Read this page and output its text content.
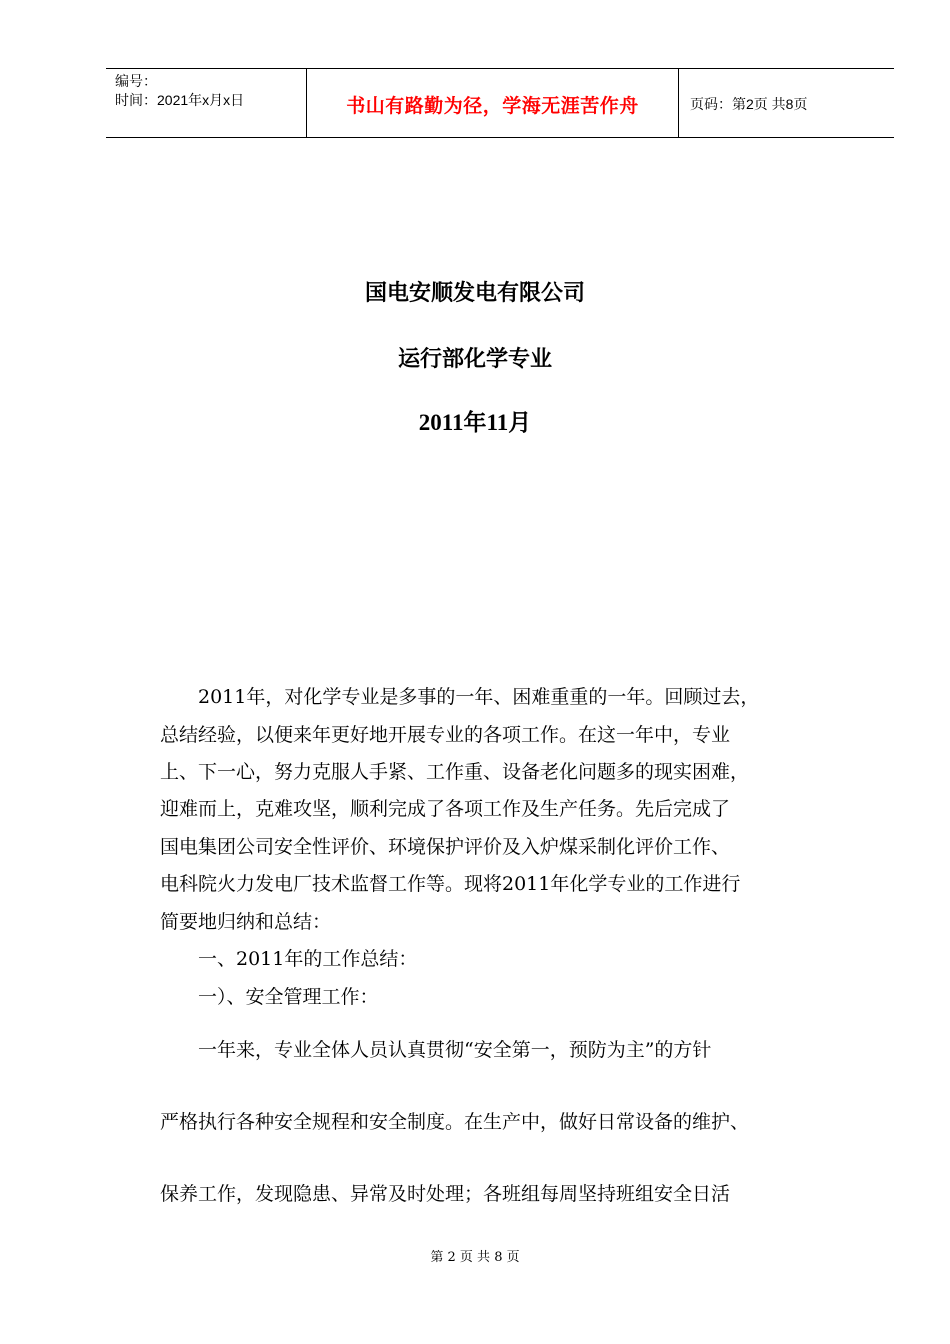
编号：
时间：2021年x月x日	书山有路勤为径，学海无涯苦作舟	页码：第2页 共8页
国电安顺发电有限公司
运行部化学专业
2011年11月
　　2011年，对化学专业是多事的一年、困难重重的一年。回顾过去，
总结经验，以便来年更好地开展专业的各项工作。在这一年中，专业
上、下一心，努力克服人手紧、工作重、设备老化问题多的现实困难，
迎难而上，克难攻坚，顺利完成了各项工作及生产任务。先后完成了
国电集团公司安全性评价、环境保护评价及入炉煤采制化评价工作、
电科院火力发电厂技术监督工作等。现将2011年化学专业的工作进行
简要地归纳和总结：
　　一、2011年的工作总结：
　　一）、安全管理工作：
　　一年来，专业全体人员认真贯彻“安全第一，预防为主”的方针
严格执行各种安全规程和安全制度。在生产中，做好日常设备的维护、
保养工作，发现隐患、异常及时处理；各班组每周坚持班组安全日活
第 2 页 共 8 页
